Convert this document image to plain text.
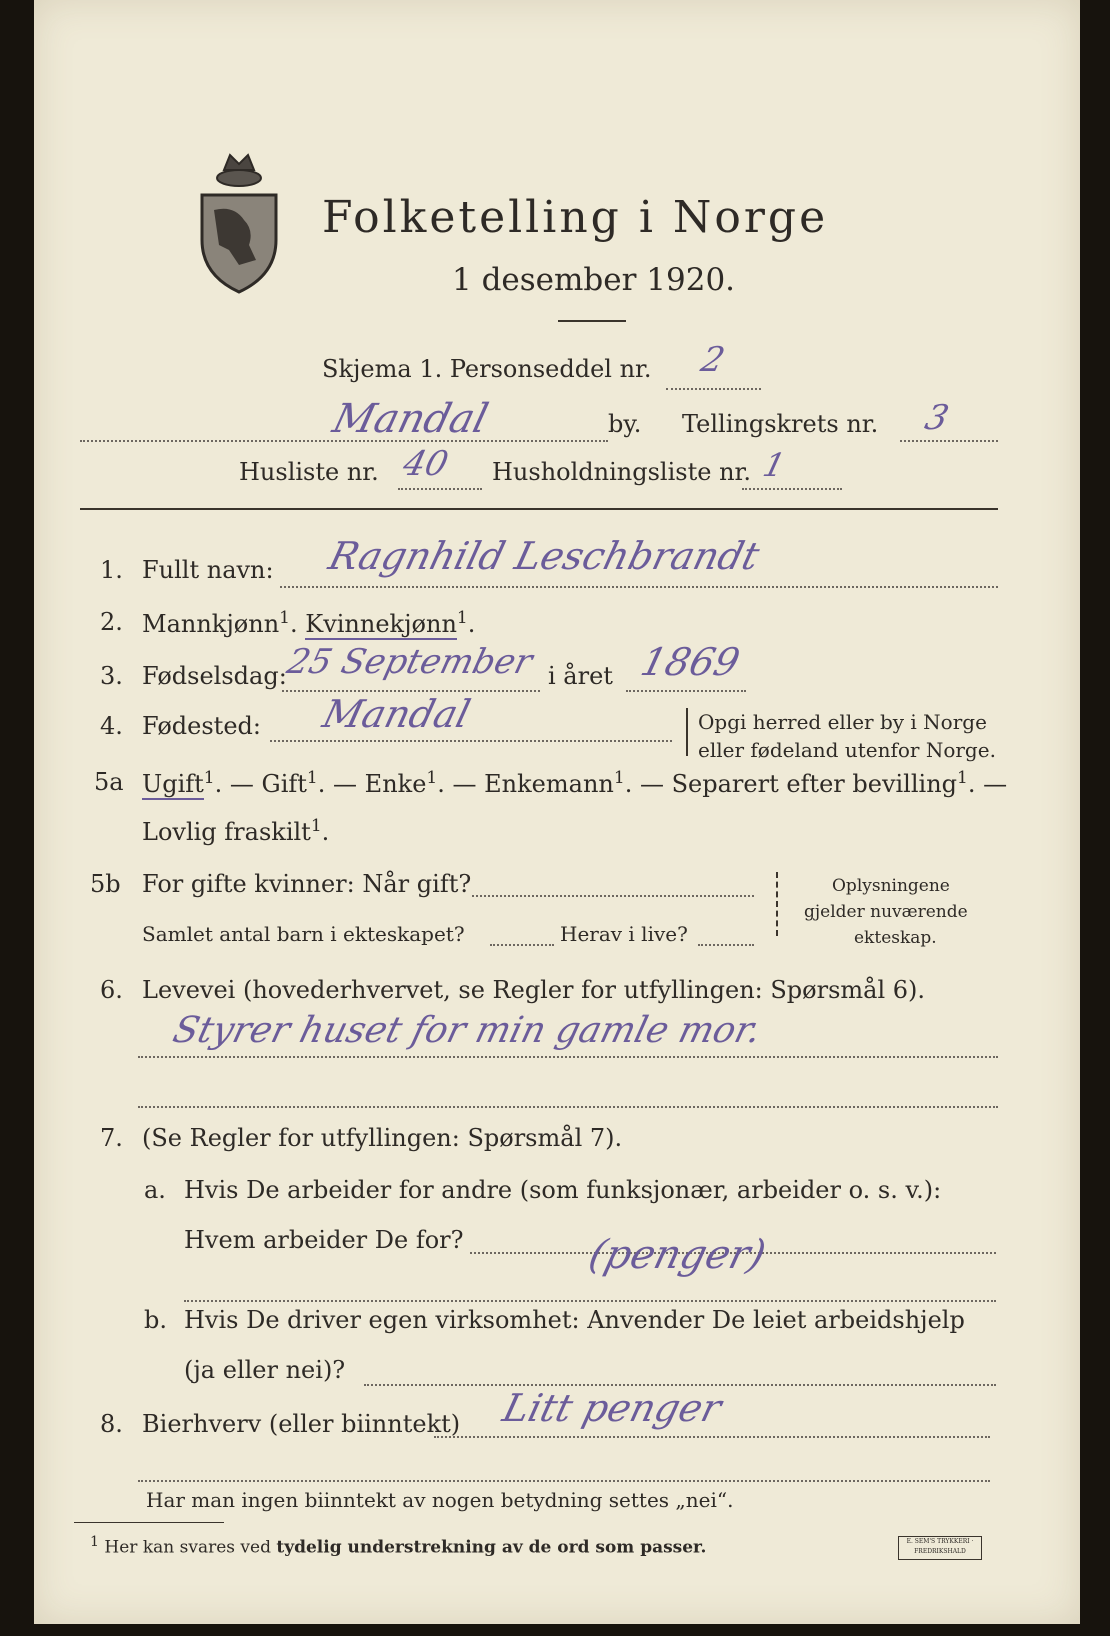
Folketelling i Norge
1 desember 1920.
Skjema 1. Personseddel nr. 2
Mandal	by. Tellingskrets nr. 3
Husliste nr. 40 Husholdningsliste nr. 1
1. Fullt navn: Ragnhild Leschbrandt
2. Mannkjønn$^1$. Kvinnekjønn$^1$.
3. Fødselsdag:
25 September i året 1869
4. Fødested: Mandal	Opgi herred eller by i Norge
eller fødeland utenfor Norge.
5a Ugift$^1$. — Gift$^1$. — Enke$^1$. — Enkemann$^1$. — Separert efter bevilling$^1$. —
Lovlig fraskilt$^1$.
5b For gifte kvinner: Når gift?
Samlet antal barn i ekteskapet?	Herav i live?
Oplysningene
gjelder nuværende
ekteskap.
6. Levevei (hovederhvervet, se Regler for utfyllingen: Spørsmål 6).
Styrer huset for min gamle mor.
7. (Se Regler for utfyllingen: Spørsmål 7).
a. Hvis De arbeider for andre (som funksjonær, arbeider o. s. v.):
Hvem arbeider De for?	(penger)
b. Hvis De driver egen virksomhet: Anvender De leiet arbeidshjelp
(ja eller nei)?
8. Bierhverv (eller biinntekt) Litt penger
Har man ingen biinntekt av nogen betydning settes „nei“.
$^1$ Her kan svares ved tydelig understrekning av de ord som passer.	E. SEM'S TRYKKERI · FREDRIKSHALD
